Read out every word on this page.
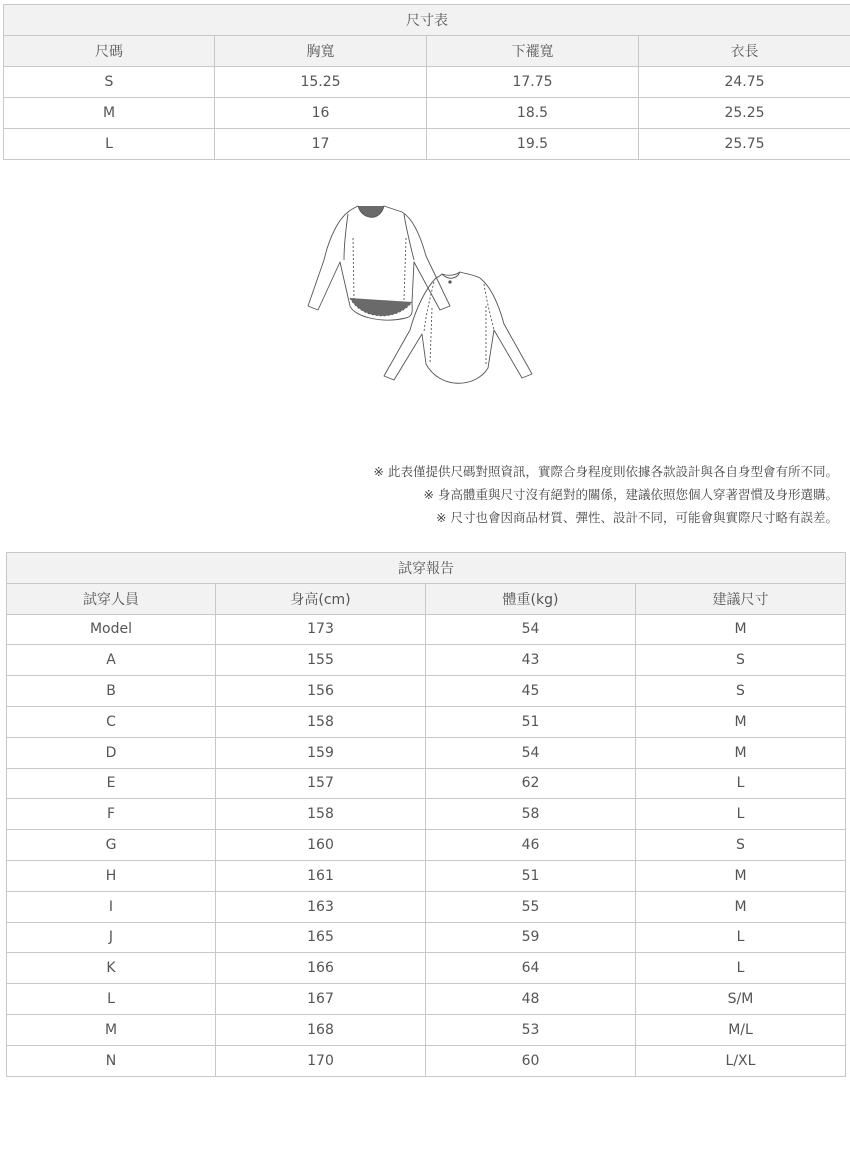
尺寸表			
尺碼	胸寬	下襬寬	衣長
S	15.25	17.75	24.75
M	16	18.5	25.25
L	17	19.5	25.75
※ 此表僅提供尺碼對照資訊，實際合身程度則依據各款設計與各自身型會有所不同。
※ 身高體重與尺寸沒有絕對的關係，建議依照您個人穿著習慣及身形選購。
※ 尺寸也會因商品材質、彈性、設計不同，可能會與實際尺寸略有誤差。
試穿報告			
試穿人員	身高(cm)	體重(kg)	建議尺寸
Model	173	54	M
A	155	43	S
B	156	45	S
C	158	51	M
D	159	54	M
E	157	62	L
F	158	58	L
G	160	46	S
H	161	51	M
I	163	55	M
J	165	59	L
K	166	64	L
L	167	48	S/M
M	168	53	M/L
N	170	60	L/XL
